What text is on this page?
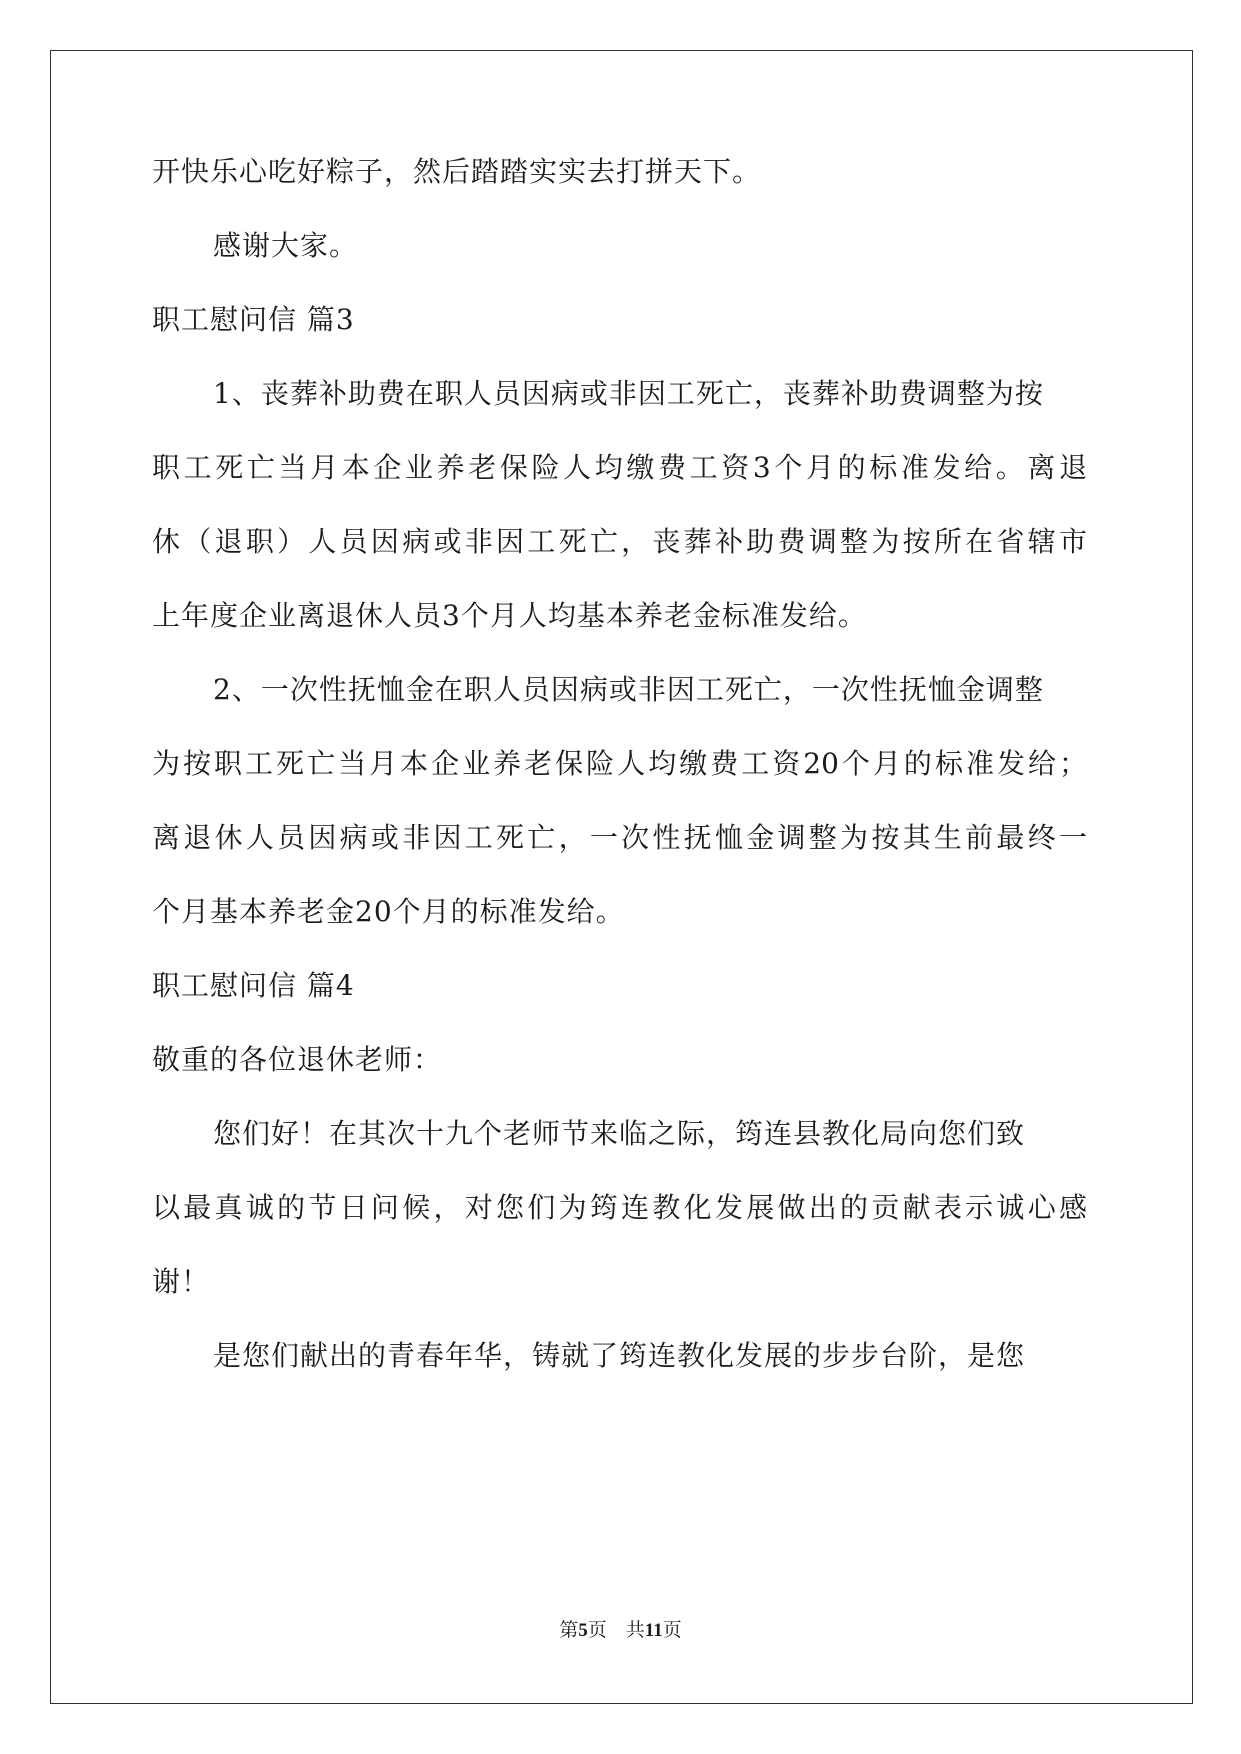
开快乐心吃好粽子，然后踏踏实实去打拼天下。
感谢大家。
职工慰问信 篇3
1、丧葬补助费在职人员因病或非因工死亡，丧葬补助费调整为按
职工死亡当月本企业养老保险人均缴费工资3个月的标准发给。离退
休（退职）人员因病或非因工死亡，丧葬补助费调整为按所在省辖市
上年度企业离退休人员3个月人均基本养老金标准发给。
2、一次性抚恤金在职人员因病或非因工死亡，一次性抚恤金调整
为按职工死亡当月本企业养老保险人均缴费工资20个月的标准发给；
离退休人员因病或非因工死亡，一次性抚恤金调整为按其生前最终一
个月基本养老金20个月的标准发给。
职工慰问信 篇4
敬重的各位退休老师：
您们好！在其次十九个老师节来临之际，筠连县教化局向您们致
以最真诚的节日问候，对您们为筠连教化发展做出的贡献表示诚心感
谢！
是您们献出的青春年华，铸就了筠连教化发展的步步台阶，是您
第5页　共11页
